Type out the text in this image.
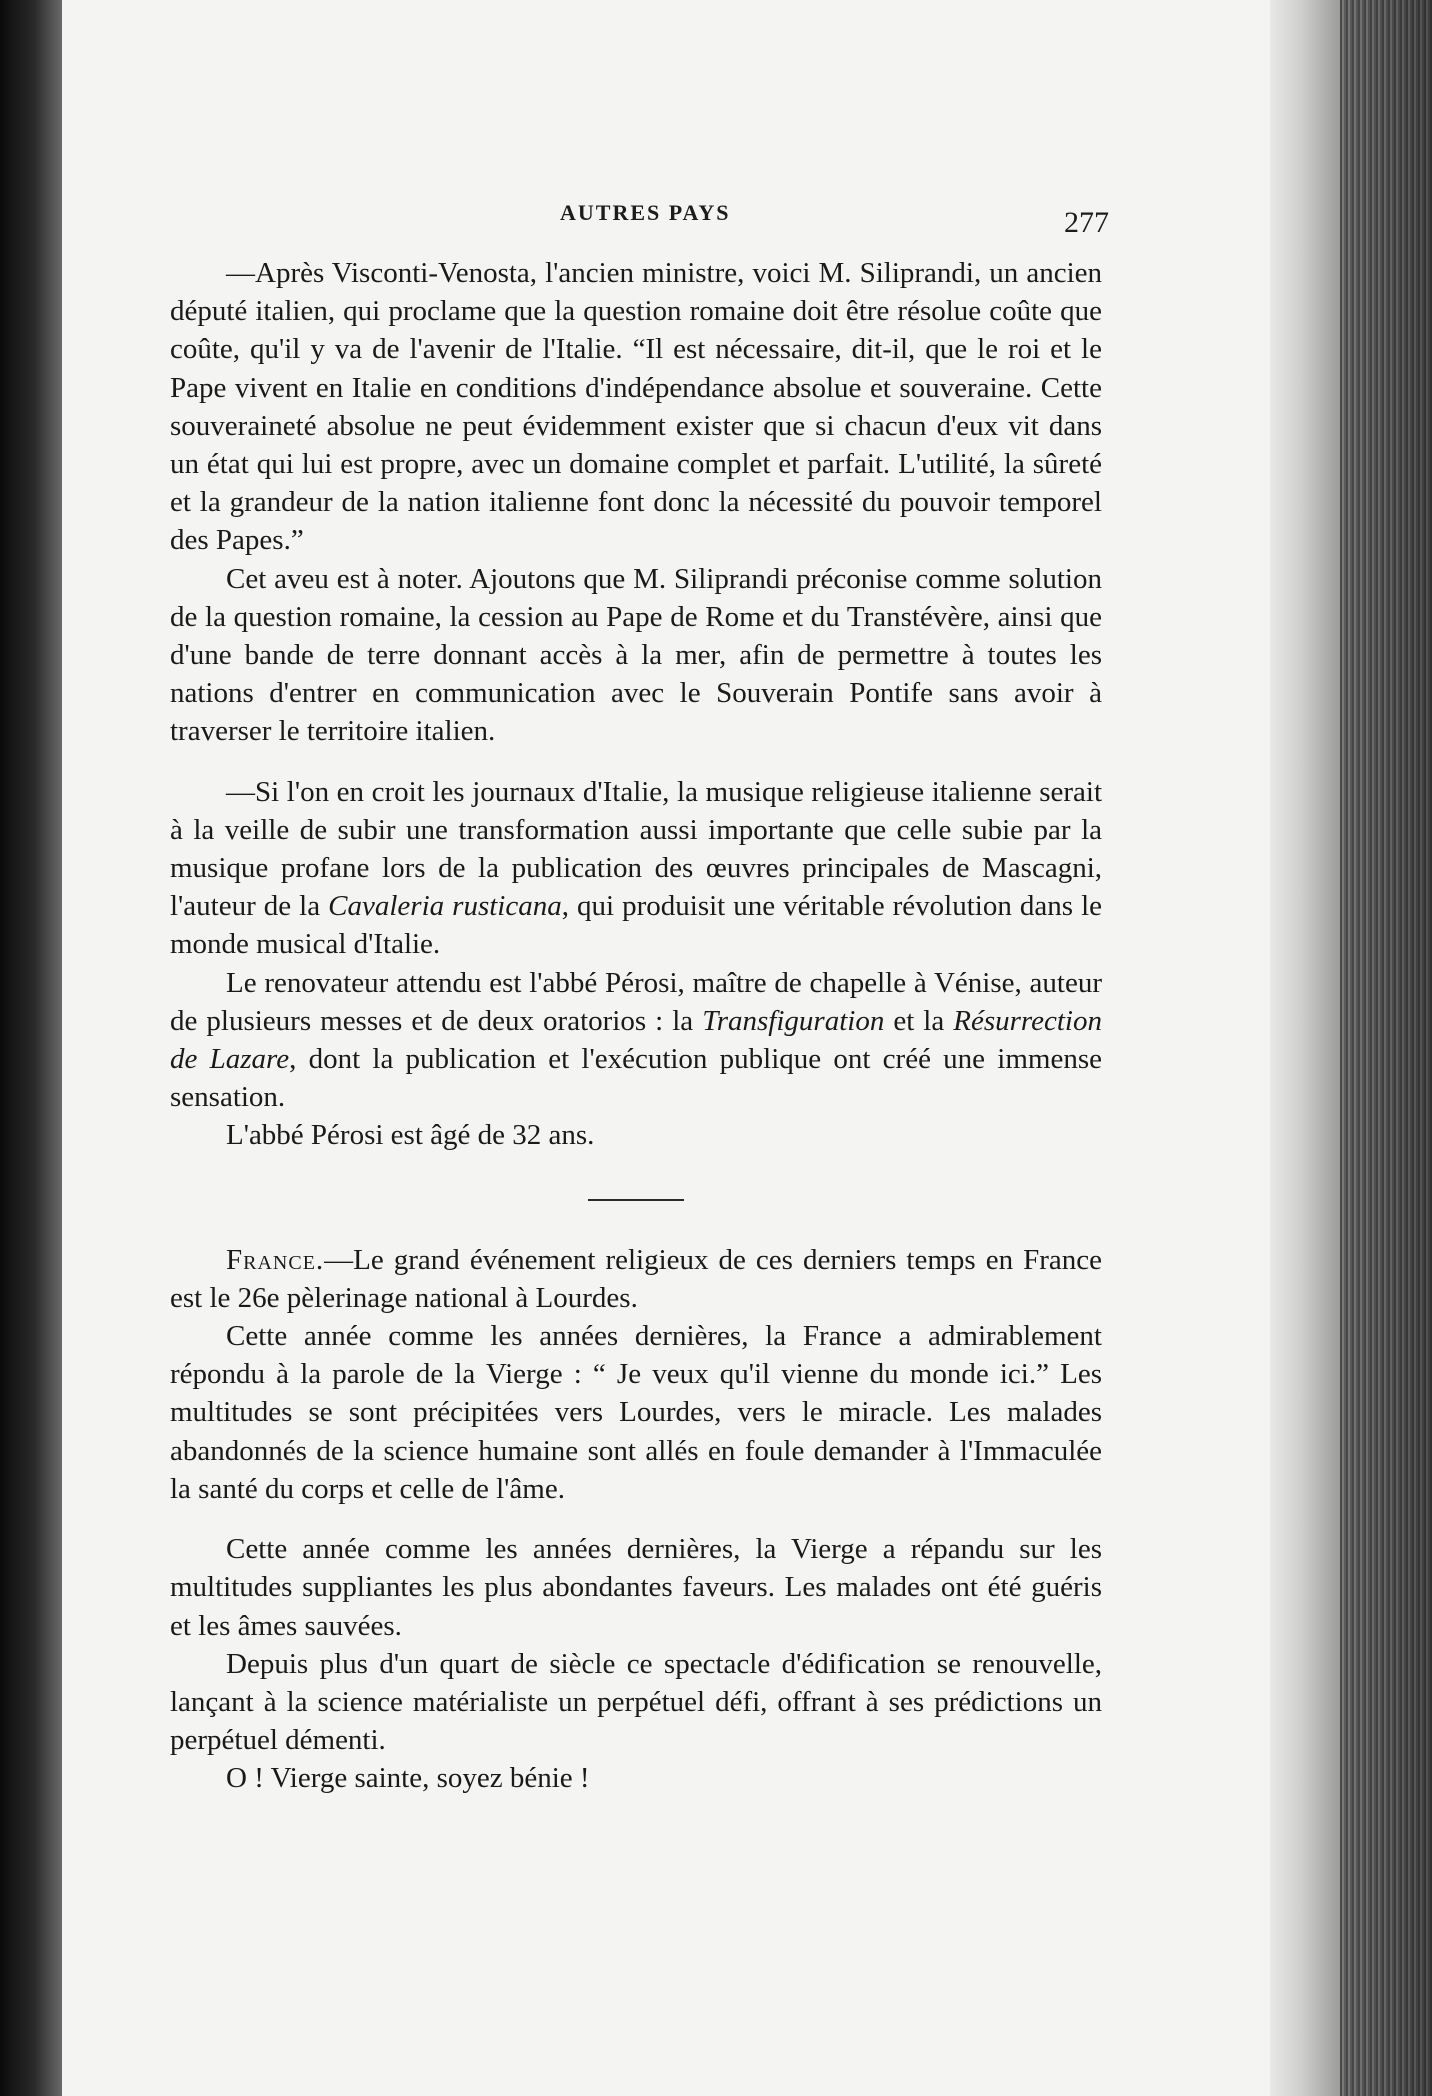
AUTRES PAYS	277

—Après Visconti-Venosta, l'ancien ministre, voici M. Siliprandi, un ancien député italien, qui proclame que la question romaine doit être résolue coûte que coûte, qu'il y va de l'avenir de l'Italie. “Il est nécessaire, dit-il, que le roi et le Pape vivent en Italie en conditions d'indépendance absolue et souveraine. Cette souveraineté absolue ne peut évidemment exister que si chacun d'eux vit dans un état qui lui est propre, avec un domaine complet et parfait. L'utilité, la sûreté et la grandeur de la nation italienne font donc la nécessité du pouvoir temporel des Papes.”

Cet aveu est à noter. Ajoutons que M. Siliprandi préconise comme solution de la question romaine, la cession au Pape de Rome et du Transtévère, ainsi que d'une bande de terre donnant accès à la mer, afin de permettre à toutes les nations d'entrer en communication avec le Souverain Pontife sans avoir à traverser le territoire italien.

—Si l'on en croit les journaux d'Italie, la musique religieuse italienne serait à la veille de subir une transformation aussi importante que celle subie par la musique profane lors de la publication des œuvres principales de Mascagni, l'auteur de la Cavaleria rusticana, qui produisit une véritable révolution dans le monde musical d'Italie.

Le renovateur attendu est l'abbé Pérosi, maître de chapelle à Vénise, auteur de plusieurs messes et de deux oratorios : la Transfiguration et la Résurrection de Lazare, dont la publication et l'exécution publique ont créé une immense sensation.

L'abbé Pérosi est âgé de 32 ans.

France.—Le grand événement religieux de ces derniers temps en France est le 26e pèlerinage national à Lourdes.

Cette année comme les années dernières, la France a admirablement répondu à la parole de la Vierge : “ Je veux qu'il vienne du monde ici.” Les multitudes se sont précipitées vers Lourdes, vers le miracle. Les malades abandonnés de la science humaine sont allés en foule demander à l'Immaculée la santé du corps et celle de l'âme.

Cette année comme les années dernières, la Vierge a répandu sur les multitudes suppliantes les plus abondantes faveurs. Les malades ont été guéris et les âmes sauvées.

Depuis plus d'un quart de siècle ce spectacle d'édification se renouvelle, lançant à la science matérialiste un perpétuel défi, offrant à ses prédictions un perpétuel démenti.

O ! Vierge sainte, soyez bénie !
